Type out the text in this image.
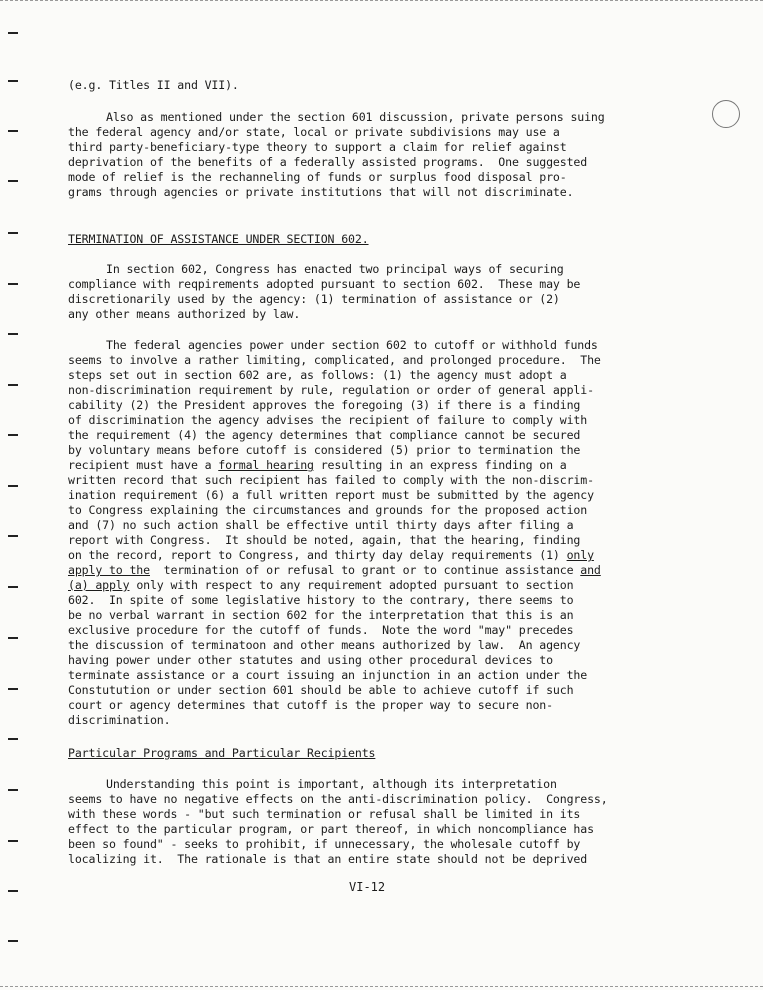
(e.g. Titles II and VII).
Also as mentioned under the section 601 discussion, private persons suing
the federal agency and/or state, local or private subdivisions may use a
third party-beneficiary-type theory to support a claim for relief against
deprivation of the benefits of a federally assisted programs.  One suggested
mode of relief is the rechanneling of funds or surplus food disposal pro-
grams through agencies or private institutions that will not discriminate.
TERMINATION OF ASSISTANCE UNDER SECTION 602.
In section 602, Congress has enacted two principal ways of securing
compliance with reqpirements adopted pursuant to section 602.  These may be
discretionarily used by the agency: (1) termination of assistance or (2)
any other means authorized by law.
The federal agencies power under section 602 to cutoff or withhold funds
seems to involve a rather limiting, complicated, and prolonged procedure.  The
steps set out in section 602 are, as follows: (1) the agency must adopt a
non-discrimination requirement by rule, regulation or order of general appli-
cability (2) the President approves the foregoing (3) if there is a finding
of discrimination the agency advises the recipient of failure to comply with
the requirement (4) the agency determines that compliance cannot be secured
by voluntary means before cutoff is considered (5) prior to termination the
recipient must have a formal hearing resulting in an express finding on a
written record that such recipient has failed to comply with the non-discrim-
ination requirement (6) a full written report must be submitted by the agency
to Congress explaining the circumstances and grounds for the proposed action
and (7) no such action shall be effective until thirty days after filing a
report with Congress.  It should be noted, again, that the hearing, finding
on the record, report to Congress, and thirty day delay requirements (1) only
apply to the  termination of or refusal to grant or to continue assistance and
(a) apply only with respect to any requirement adopted pursuant to section
602.  In spite of some legislative history to the contrary, there seems to
be no verbal warrant in section 602 for the interpretation that this is an
exclusive procedure for the cutoff of funds.  Note the word "may" precedes
the discussion of terminatoon and other means authorized by law.  An agency
having power under other statutes and using other procedural devices to
terminate assistance or a court issuing an injunction in an action under the
Constutution or under section 601 should be able to achieve cutoff if such
court or agency determines that cutoff is the proper way to secure non-
discrimination.
Particular Programs and Particular Recipients
Understanding this point is important, although its interpretation
seems to have no negative effects on the anti-discrimination policy.  Congress,
with these words - "but such termination or refusal shall be limited in its
effect to the particular program, or part thereof, in which noncompliance has
been so found" - seeks to prohibit, if unnecessary, the wholesale cutoff by
localizing it.  The rationale is that an entire state should not be deprived
VI-12
